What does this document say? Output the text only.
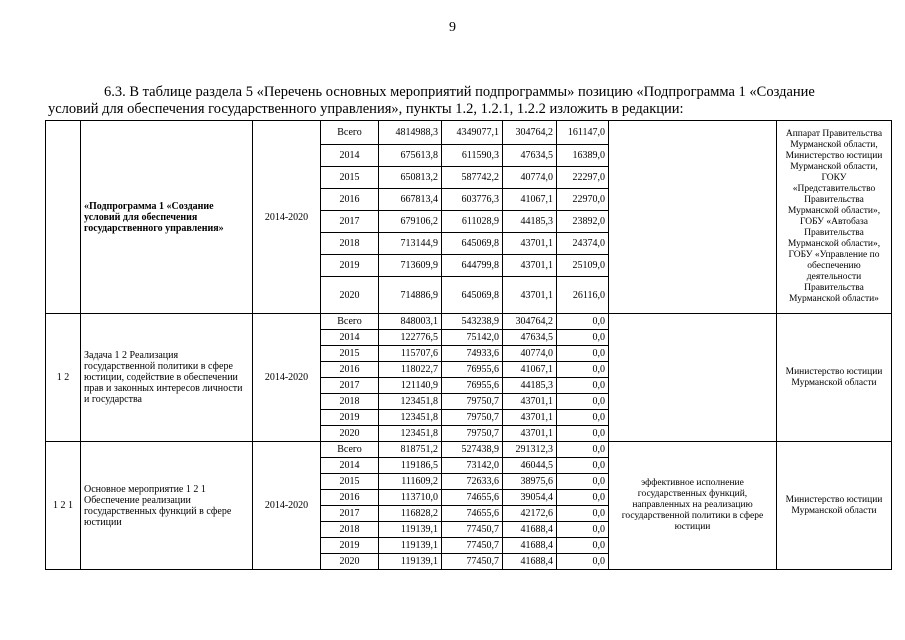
9
6.3. В таблице раздела 5 «Перечень основных мероприятий подпрограммы» позицию «Подпрограмма 1 «Создание
условий для обеспечения государственного управления», пункты 1.2, 1.2.1, 1.2.2 изложить в редакции:
	«Подпрограмма 1 «Создание условий для обеспечения государственного управления»	2014-2020	Всего	4814988,3	4349077,1	304764,2	161147,0		Аппарат Правительства Мурманской области, Министерство юстиции Мурманской области, ГОКУ «Представительство Правительства Мурманской области», ГОБУ «Автобаза Правительства Мурманской области», ГОБУ «Управление по обеспечению деятельности Правительства Мурманской области»
			2014	675613,8	611590,3	47634,5	16389,0		
			2015	650813,2	587742,2	40774,0	22297,0		
			2016	667813,4	603776,3	41067,1	22970,0		
			2017	679106,2	611028,9	44185,3	23892,0		
			2018	713144,9	645069,8	43701,1	24374,0		
			2019	713609,9	644799,8	43701,1	25109,0		
			2020	714886,9	645069,8	43701,1	26116,0		
1 2	Задача 1 2 Реализация государственной политики в сфере юстиции, содействие в обеспечении прав и законных интересов личности и государства	2014-2020	Всего	848003,1	543238,9	304764,2	0,0		Министерство юстиции Мурманской области
			2014	122776,5	75142,0	47634,5	0,0		
			2015	115707,6	74933,6	40774,0	0,0		
			2016	118022,7	76955,6	41067,1	0,0		
			2017	121140,9	76955,6	44185,3	0,0		
			2018	123451,8	79750,7	43701,1	0,0		
			2019	123451,8	79750,7	43701,1	0,0		
			2020	123451,8	79750,7	43701,1	0,0		
1 2 1	Основное мероприятие 1 2 1 Обеспечение реализации государственных функций в сфере юстиции	2014-2020	Всего	818751,2	527438,9	291312,3	0,0	эффективное исполнение государственных функций, направленных на реализацию государственной политики в сфере юстиции	Министерство юстиции Мурманской области
			2014	119186,5	73142,0	46044,5	0,0		
			2015	111609,2	72633,6	38975,6	0,0		
			2016	113710,0	74655,6	39054,4	0,0		
			2017	116828,2	74655,6	42172,6	0,0		
			2018	119139,1	77450,7	41688,4	0,0		
			2019	119139,1	77450,7	41688,4	0,0		
			2020	119139,1	77450,7	41688,4	0,0		
